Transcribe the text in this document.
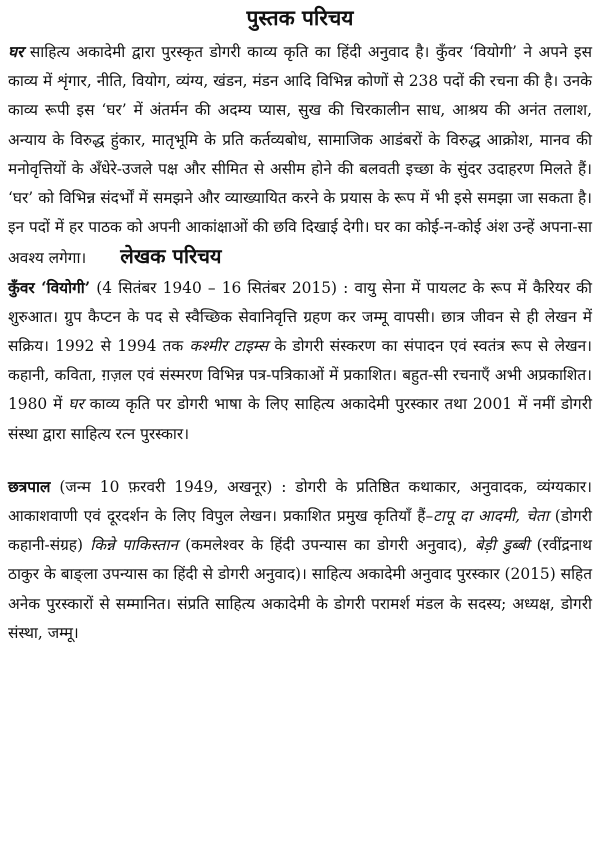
पुस्तक परिचय

घर साहित्य अकादेमी द्वारा पुरस्कृत डोगरी काव्य कृति का हिंदी अनुवाद है। कुँवर ‘वियोगी’ ने अपने इस काव्य में शृंगार, नीति, वियोग, व्यंग्य, खंडन, मंडन आदि विभिन्न कोणों से 238 पदों की रचना की है। उनके काव्य रूपी इस ‘घर’ में अंतर्मन की अदम्य प्यास, सुख की चिरकालीन साध, आश्रय की अनंत तलाश, अन्याय के विरुद्ध हुंकार, मातृभूमि के प्रति कर्तव्यबोध, सामाजिक आडंबरों के विरुद्ध आक्रोश, मानव की मनोवृत्तियों के अँधेरे-उजले पक्ष और सीमित से असीम होने की बलवती इच्छा के सुंदर उदाहरण मिलते हैं। ‘घर’ को विभिन्न संदर्भों में समझने और व्याख्यायित करने के प्रयास के रूप में भी इसे समझा जा सकता है। इन पदों में हर पाठक को अपनी आकांक्षाओं की छवि दिखाई देगी। घर का कोई-न-कोई अंश उन्हें अपना-सा अवश्य लगेगा। लेखक परिचय

कुँवर ‘वियोगी’ (4 सितंबर 1940 – 16 सितंबर 2015) : वायु सेना में पायलट के रूप में कैरियर की शुरुआत। ग्रुप कैप्टन के पद से स्वैच्छिक सेवानिवृत्ति ग्रहण कर जम्मू वापसी। छात्र जीवन से ही लेखन में सक्रिय। 1992 से 1994 तक कश्मीर टाइम्स के डोगरी संस्करण का संपादन एवं स्वतंत्र रूप से लेखन। कहानी, कविता, ग़ज़ल एवं संस्मरण विभिन्न पत्र-पत्रिकाओं में प्रकाशित। बहुत-सी रचनाएँ अभी अप्रकाशित। 1980 में घर काव्य कृति पर डोगरी भाषा के लिए साहित्य अकादेमी पुरस्कार तथा 2001 में नमीं डोगरी संस्था द्वारा साहित्य रत्न पुरस्कार।

छत्रपाल (जन्म 10 फ़रवरी 1949, अखनूर) : डोगरी के प्रतिष्ठित कथाकार, अनुवादक, व्यंग्यकार। आकाशवाणी एवं दूरदर्शन के लिए विपुल लेखन। प्रकाशित प्रमुख कृतियाँ हैं–टापू दा आदमी, चेता (डोगरी कहानी-संग्रह) किन्ने पाकिस्तान (कमलेश्वर के हिंदी उपन्यास का डोगरी अनुवाद), बेड़ी डुब्बी (रवींद्रनाथ ठाकुर के बाङ्ला उपन्यास का हिंदी से डोगरी अनुवाद)। साहित्य अकादेमी अनुवाद पुरस्कार (2015) सहित अनेक पुरस्कारों से सम्मानित। संप्रति साहित्य अकादेमी के डोगरी परामर्श मंडल के सदस्य; अध्यक्ष, डोगरी संस्था, जम्मू।
